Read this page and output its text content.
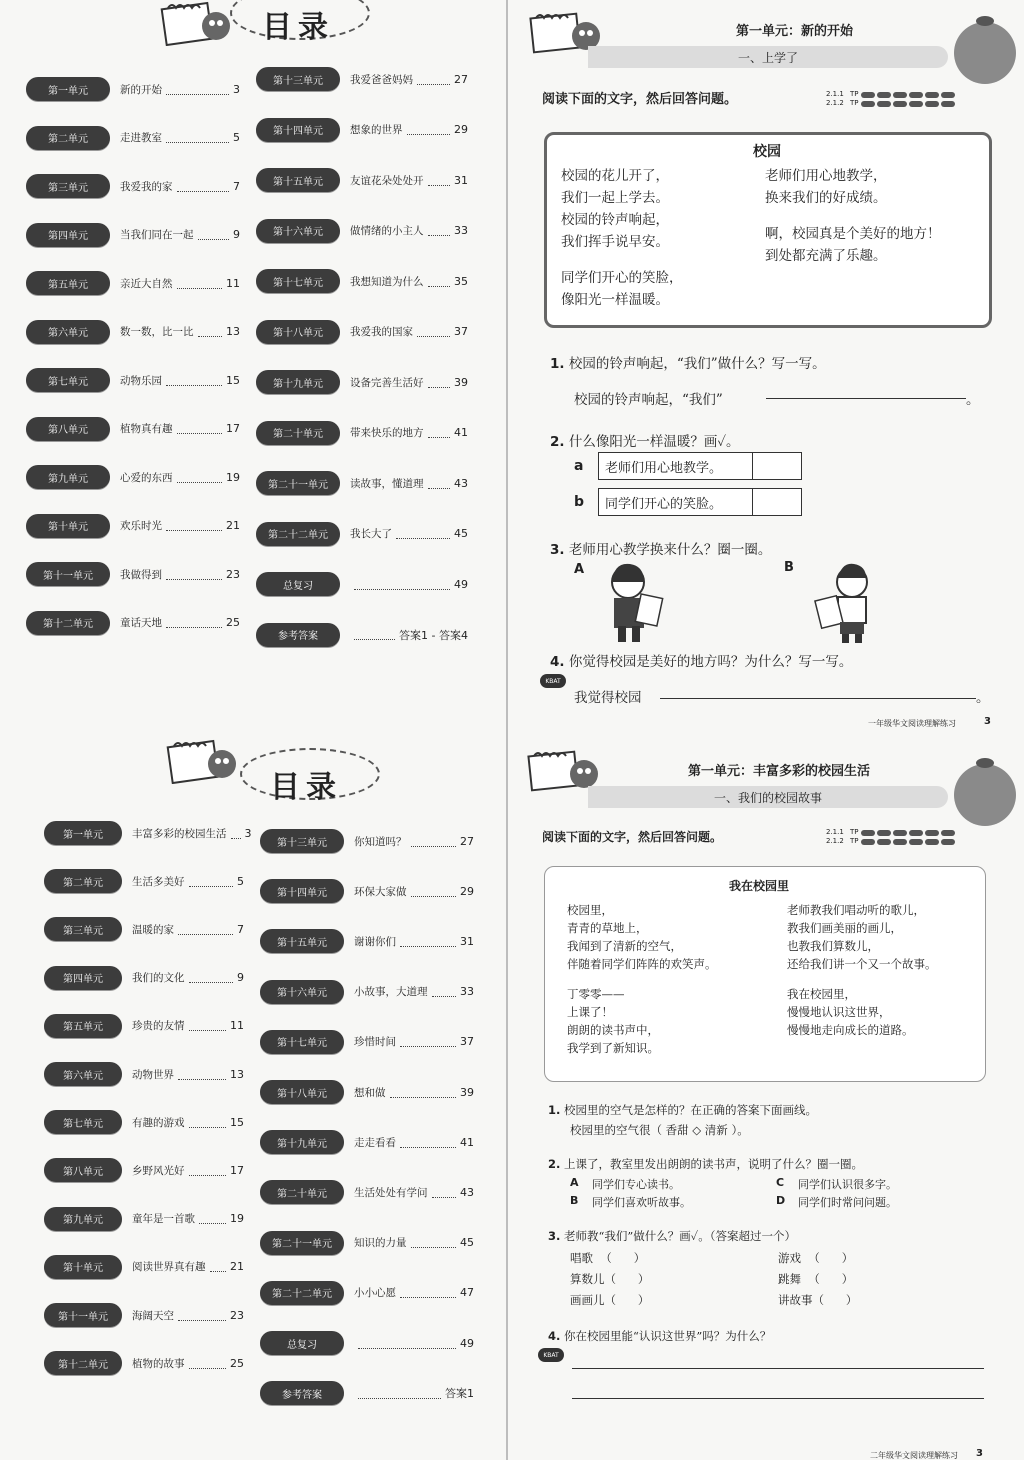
目录
第一单元	新的开始	3
第二单元	走进教室	5
第三单元	我爱我的家	7
第四单元	当我们同在一起	9
第五单元	亲近大自然	11
第六单元	数一数，比一比	13
第七单元	动物乐园	15
第八单元	植物真有趣	17
第九单元	心爱的东西	19
第十单元	欢乐时光	21
第十一单元	我做得到	23
第十二单元	童话天地	25
第十三单元	我爱爸爸妈妈	27
第十四单元	想象的世界	29
第十五单元	友谊花朵处处开	31
第十六单元	做情绪的小主人	33
第十七单元	我想知道为什么	35
第十八单元	我爱我的国家	37
第十九单元	设备完善生活好	39
第二十单元	带来快乐的地方	41
第二十一单元	读故事，懂道理	43
第二十二单元	我长大了	45
总复习	49
参考答案	答案1 - 答案4
第一单元：新的开始
一、上学了
阅读下面的文字，然后回答问题。	2.1.1 TP
2.1.2 TP
校园
校园的花儿开了，
我们一起上学去。
校园的铃声响起，
我们挥手说早安。
同学们开心的笑脸，
像阳光一样温暖。
老师们用心地教学，
换来我们的好成绩。
啊，校园真是个美好的地方！
到处都充满了乐趣。
1. 校园的铃声响起，“我们”做什么？写一写。
校园的铃声响起，“我们”	。
2. 什么像阳光一样温暖？画✓。
a	老师们用心地教学。
b	同学们开心的笑脸。
3. 老师用心教学换来什么？圈一圈。
A	B
4. 你觉得校园是美好的地方吗？为什么？写一写。
KBAT
我觉得校园	。
一年级华文阅读理解练习	3
目录
第一单元	丰富多彩的校园生活 3
第二单元	生活多美好	5
第三单元	温暖的家	7
第四单元	我们的文化	9
第五单元	珍贵的友情	11
第六单元	动物世界	13
第七单元	有趣的游戏	15
第八单元	乡野风光好	17
第九单元	童年是一首歌	19
第十单元	阅读世界真有趣 21
第十一单元	海阔天空	23
第十二单元	植物的故事	25
第十三单元	你知道吗？	27
第十四单元	环保大家做	29
第十五单元	谢谢你们	31
第十六单元	小故事，大道理	33
第十七单元	珍惜时间	37
第十八单元	想和做	39
第十九单元	走走看看	41
第二十单元	生活处处有学问	43
第二十一单元	知识的力量	45
第二十二单元	小小心愿	47
总复习	49
参考答案	答案1
第一单元：丰富多彩的校园生活
一、我们的校园故事
阅读下面的文字，然后回答问题。	2.1.1 TP
2.1.2 TP
我在校园里
校园里，
青青的草地上，
我闻到了清新的空气，
伴随着同学们阵阵的欢笑声。
丁零零——
上课了！
朗朗的读书声中，
我学到了新知识。
老师教我们唱动听的歌儿，
教我们画美丽的画儿，
也教我们算数儿，
还给我们讲一个又一个故事。
我在校园里，
慢慢地认识这世界，
慢慢地走向成长的道路。
1. 校园里的空气是怎样的？在正确的答案下面画线。
校园里的空气很（ 香甜 ◇ 清新 ）。
2. 上课了，教室里发出朗朗的读书声，说明了什么？圈一圈。
A 同学们专心读书。	C 同学们认识很多字。
B 同学们喜欢听故事。	D 同学们时常问问题。
3. 老师教“我们”做什么？画✓。（答案超过一个）
唱歌  （      ）	游戏  （      ）
算数儿（      ）	跳舞  （      ）
画画儿（      ）	讲故事（      ）
4. 你在校园里能“认识这世界”吗？为什么？
KBAT
二年级华文阅读理解练习 3
